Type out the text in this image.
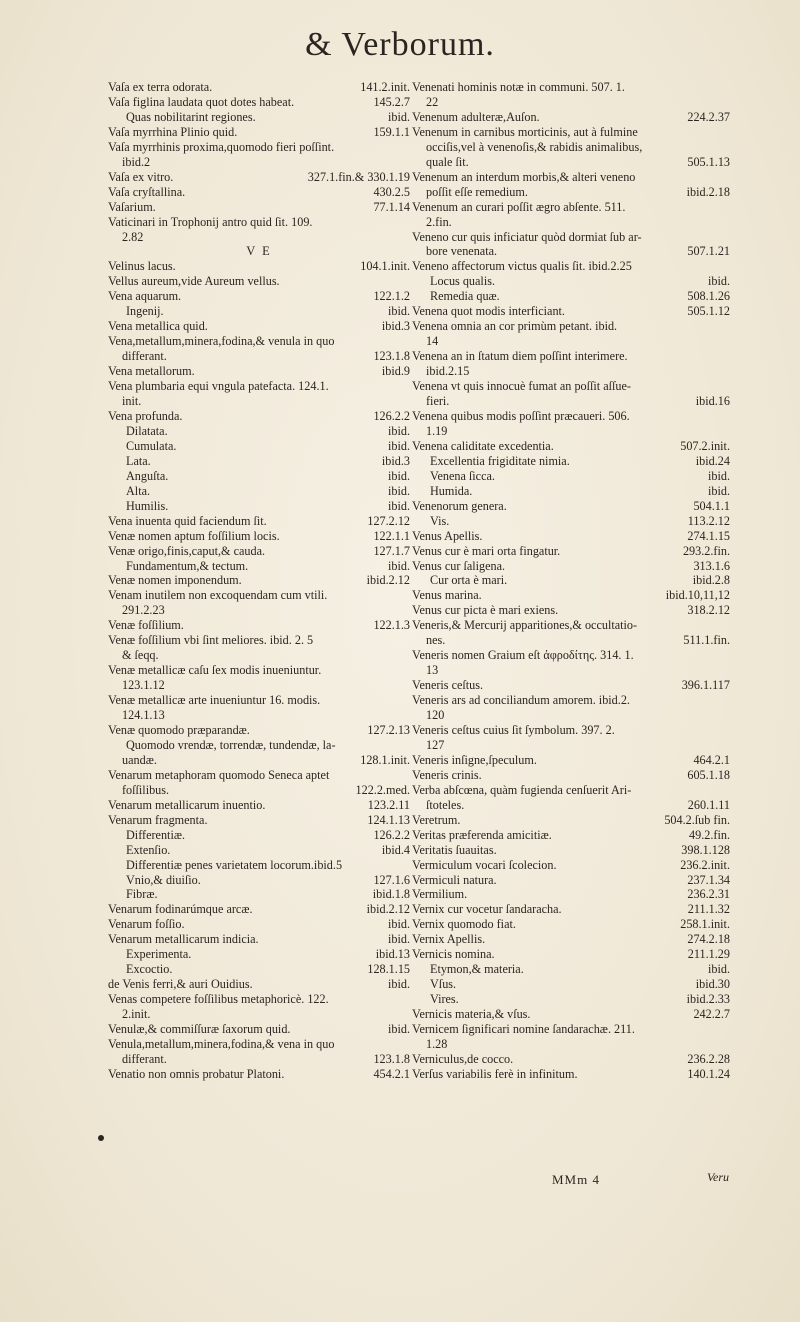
& Verborum.
141.2.init.
Vaſa ex terra odorata.
145.2.7
Vaſa figlina laudata quot dotes habeat.
ibid.
Quas nobilitarint regiones.
159.1.1
Vaſa myrrhina Plinio quid.
Vaſa myrrhinis proxima,quomodo fieri poſſint.
ibid.2
327.1.fin.& 330.1.19
Vaſa ex vitro.
430.2.5
Vaſa cryſtallina.
77.1.14
Vaſarium.
Vaticinari in Trophonij antro quid ſit. 109.
2.82
V E
104.1.init.
Velinus lacus.
Vellus aureum,vide Aureum vellus.
122.1.2
Vena aquarum.
ibid.
Ingenij.
ibid.3
Vena metallica quid.
Vena,metallum,minera,fodina,& venula in quo
123.1.8
differant.
ibid.9
Vena metallorum.
Vena plumbaria equi vngula patefacta. 124.1.
init.
126.2.2
Vena profunda.
ibid.
Dilatata.
ibid.
Cumulata.
ibid.3
Lata.
ibid.
Anguſta.
ibid.
Alta.
ibid.
Humilis.
127.2.12
Vena inuenta quid faciendum ſit.
122.1.1
Venæ nomen aptum foſſilium locis.
127.1.7
Venæ origo,finis,caput,& cauda.
ibid.
Fundamentum,& tectum.
ibid.2.12
Venæ nomen imponendum.
Venam inutilem non excoquendam cum vtili.
291.2.23
122.1.3
Venæ foſſilium.
Venæ foſſilium vbi ſint meliores. ibid. 2. 5
& ſeqq.
Venæ metallicæ caſu ſex modis inueniuntur.
123.1.12
Venæ metallicæ arte inueniuntur 16. modis.
124.1.13
127.2.13
Venæ quomodo præparandæ.
Quomodo vrendæ, torrendæ, tundendæ, la-
128.1.init.
uandæ.
Venarum metaphoram quomodo Seneca aptet
122.2.med.
foſſilibus.
123.2.11
Venarum metallicarum inuentio.
124.1.13
Venarum fragmenta.
126.2.2
Differentiæ.
ibid.4
Extenſio.
Differentiæ penes varietatem locorum.ibid.5
127.1.6
Vnio,& diuiſio.
ibid.1.8
Fibræ.
ibid.2.12
Venarum fodinarúmque arcæ.
ibid.
Venarum foſſio.
ibid.
Venarum metallicarum indicia.
ibid.13
Experimenta.
128.1.15
Excoctio.
ibid.
de Venis ferri,& auri Ouidius.
Venas competere foſſilibus metaphoricè. 122.
2.init.
ibid.
Venulæ,& commiſſuræ ſaxorum quid.
Venula,metallum,minera,fodina,& vena in quo
123.1.8
differant.
454.2.1
Venatio non omnis probatur Platoni.
Venenati hominis notæ in communi. 507. 1.
22
224.2.37
Venenum adulteræ,Auſon.
Venenum in carnibus morticinis, aut à fulmine
occiſis,vel à venenoſis,& rabidis animalibus,
505.1.13
quale ſit.
Venenum an interdum morbis,& alteri veneno
ibid.2.18
poſſit eſſe remedium.
Venenum an curari poſſit ægro abſente. 511.
2.fin.
Veneno cur quis inficiatur quòd dormiat ſub ar-
507.1.21
bore venenata.
Veneno affectorum victus qualis ſit. ibid.2.25
ibid.
Locus qualis.
508.1.26
Remedia quæ.
505.1.12
Venena quot modis interficiant.
Venena omnia an cor primùm petant. ibid.
14
Venena an in ſtatum diem poſſint interimere.
ibid.2.15
Venena vt quis innocuè fumat an poſſit aſſue-
ibid.16
fieri.
Venena quibus modis poſſint præcaueri. 506.
1.19
507.2.init.
Venena caliditate excedentia.
ibid.24
Excellentia frigiditate nimia.
ibid.
Venena ſicca.
ibid.
Humida.
504.1.1
Venenorum genera.
113.2.12
Vis.
274.1.15
Venus Apellis.
293.2.fin.
Venus cur è mari orta fingatur.
313.1.6
Venus cur ſaligena.
ibid.2.8
Cur orta è mari.
ibid.10,11,12
Venus marina.
318.2.12
Venus cur picta è mari exiens.
Veneris,& Mercurij apparitiones,& occultatio-
511.1.fin.
nes.
Veneris nomen Graium eſt ἀφροδίτης. 314. 1.
13
396.1.117
Veneris ceſtus.
Veneris ars ad conciliandum amorem. ibid.2.
120
Veneris ceſtus cuius ſit ſymbolum. 397. 2.
127
464.2.1
Veneris inſigne,ſpeculum.
605.1.18
Veneris crinis.
Verba abſcœna, quàm fugienda cenſuerit Ari-
260.1.11
ſtoteles.
504.2.ſub fin.
Veretrum.
49.2.fin.
Veritas præferenda amicitiæ.
398.1.128
Veritatis ſuauitas.
236.2.init.
Vermiculum vocari ſcolecion.
237.1.34
Vermiculi natura.
236.2.31
Vermilium.
211.1.32
Vernix cur vocetur ſandaracha.
258.1.init.
Vernix quomodo fiat.
274.2.18
Vernix Apellis.
211.1.29
Vernicis nomina.
ibid.
Etymon,& materia.
ibid.30
Vſus.
ibid.2.33
Vires.
242.2.7
Vernicis materia,& vſus.
Vernicem ſignificari nomine ſandarachæ. 211.
1.28
236.2.28
Verniculus,de cocco.
140.1.24
Verſus variabilis ferè in infinitum.
MMm 4	Veru
